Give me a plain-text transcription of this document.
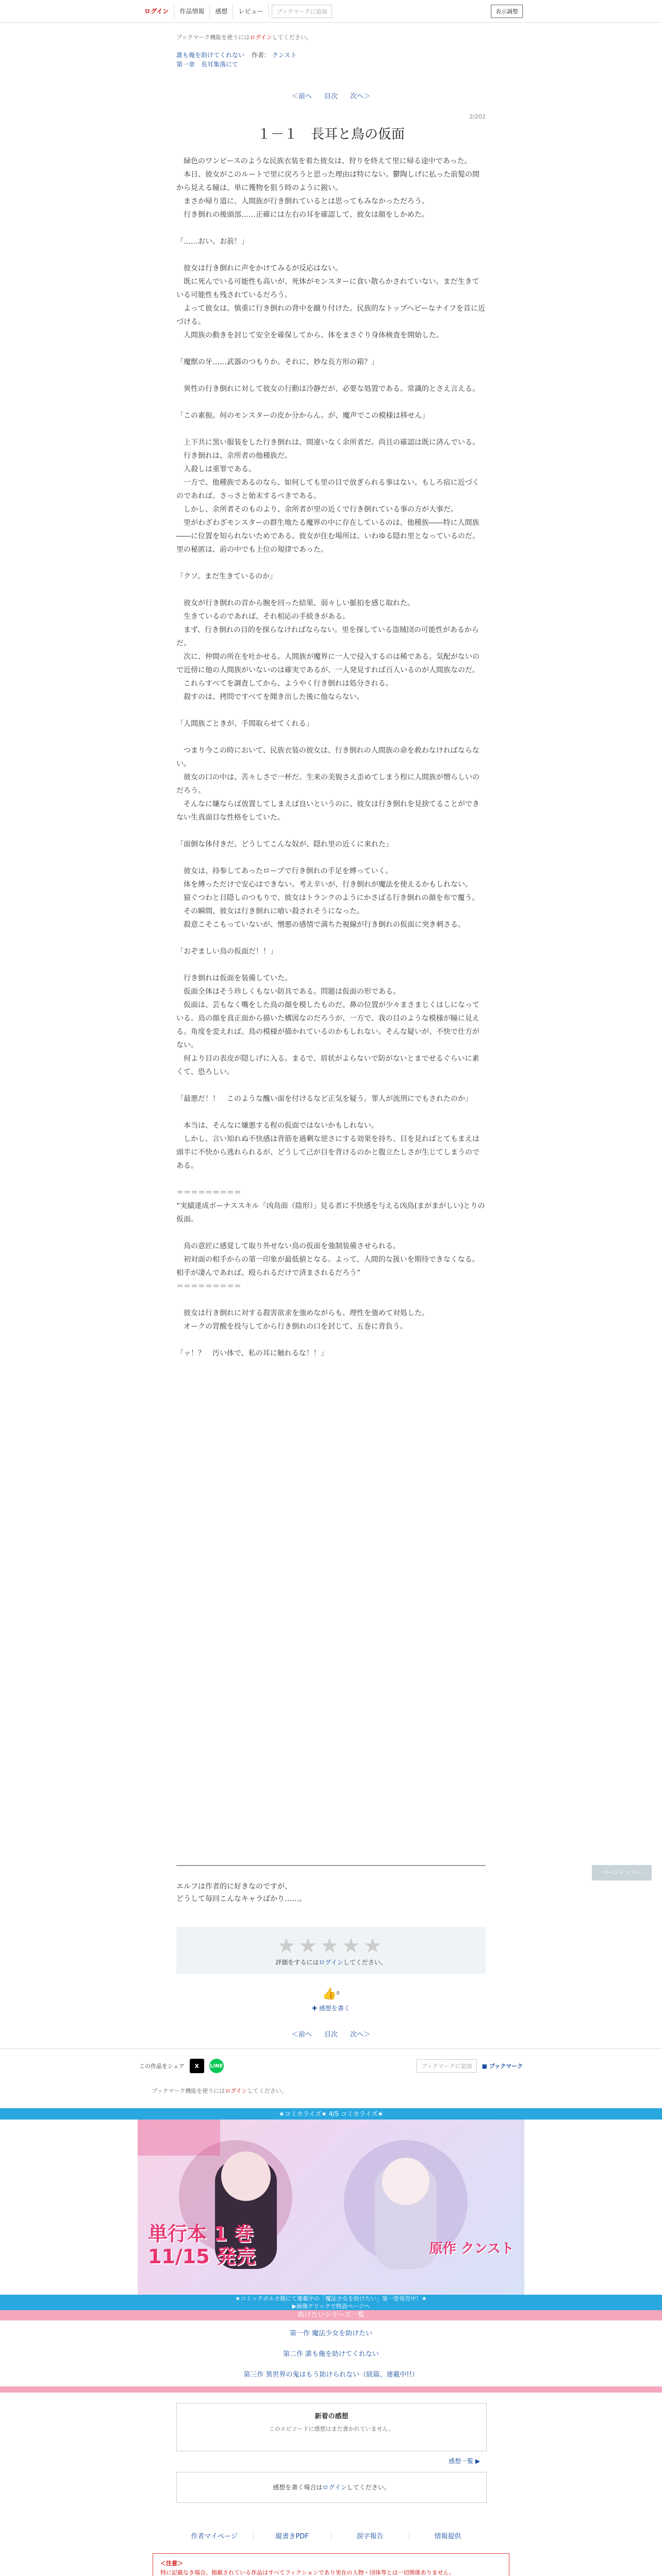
ログイン	作品情報	感想	レビュー	ブックマークに追加	表示調整
ブックマーク機能を使うにはログインしてください。
誰も俺を助けてくれない 作者： クンスト
第一章　長耳集落にて
＜前へ 目次 次へ＞
2/202
１－１　長耳と鳥の仮面

　緑色のワンピースのような民族衣装を着た彼女は、狩りを終えて里に帰る途中であった。
　本日、彼女がこのルートで里に戻ろうと思った理由は特にない。鬱陶しげに払った前髪の間から見える瞳は、単に獲物を狙う時のように鋭い。
　まさか帰り道に、人間族が行き倒れているとは思ってもみなかっただろう。
　行き倒れの後頭部……正確には左右の耳を確認して、彼女は顔をしかめた。

「……おい。お前！」

　彼女は行き倒れに声をかけてみるが反応はない。
　既に死んでいる可能性も高いが、死体がモンスターに食い散らかされていない。まだ生きている可能性も残されているだろう。
　よって彼女は、慎重に行き倒れの背中を蹴り付けた。民族的なトップヘビーなナイフを首に近づける。
　人間族の動きを封じて安全を確保してから、体をまさぐり身体検査を開始した。

「魔獣の牙……武器のつもりか。それに、妙な長方形の箱？」

　異性の行き倒れに対して彼女の行動は冷静だが、必要な処置である。常識的とさえ言える。

「この素振。何のモンスターの皮か分からん。が、魔声でこの模様は移せん」

　上下共に黒い服装をした行き倒れは、間違いなく余所者だ。尚且の確認は既に済んでいる。
　行き倒れは、余所者の他種族だ。
　人殺しは重罪である。
　一方で、他種族であるのなら、如何しても里の目で放ぎられる事はない。もしろ宿に近づくのであれば、さっさと始末するべきである。
　しかし、余所者そのものより、余所者が里の近くで行き倒れている事の方が大事だ。
　里がわざわざモンスターの群生地たる魔界の中に存在しているのは、他種族――特に人間族――に位置を知られないためである。彼女が住む場所は、いわゆる隠れ里となっているのだ。里の秘匿は、前の中でも上位の規律であった。

「クソ。まだ生きているのか」

　彼女が行き倒れの首から腕を回った結果、弱々しい脈拍を感じ取れた。
　生きているのであれば、それ相応の手続きがある。
　まず、行き倒れの目的を探らなければならない。里を探している盗賊団の可能性があるからだ。
　次に、仲間の所在を吐かせる。人間族が魔界に一人で侵入するのは稀である。気配がないので近傍に他の人間族がいないのは確実であるが、一人発見すれば百人いるのが人間族なのだ。
　これらすべてを調査してから、ようやく行き倒れは処分される。
　殺すのは、拷問ですべてを聞き出した後に他ならない。

「人間族ごときが、手間取らせてくれる」

　つまり今この時において、民族衣装の彼女は、行き倒れの人間族の命を救わなければならない。
　彼女の口の中は、苦々しさで一杯だ。生来の美貌さえ歪めてしまう程に人間族が憎らしいのだろう。
　そんなに嫌ならば放置してしまえば良いというのに、彼女は行き倒れを見捨てることができない生真面目な性格をしていた。

「面倒な体付きだ。どうしてこんな奴が、隠れ里の近くに来れた」

　彼女は、持参してあったロープで行き倒れの手足を縛っていく。
　体を縛っただけで安心はできない。考え辛いが、行き倒れが魔法を使えるかもしれない。
　猿ぐつわと目隠しのつもりで、彼女はトランクのようにかさばる行き倒れの顔を布で覆う。
　その瞬間、彼女は行き倒れに喰い殺されそうになった。
　殺意こそこもっていないが、憎悪の感情で満ちた視線が行き倒れの仮面に突き刺さる。

「おぞましい鳥の仮面だ！！」

　行き倒れは仮面を装備していた。
　仮面全体はそう珍しくもない防具である。問題は仮面の形である。
　仮面は、芸もなく嘴をした鳥の顔を模したものだ。鼻の位置が少々まさまじくはしになっている。鳥の顔を真正面から描いた構図なのだろうが、一方で、我の目のような模様が瞳に見える。角度を変えれば、鳥の模様が描かれているのかもしれない。そんな疑いが、不快で仕方がない。
　何より目の表皮が隠しげに入る。まるで、眉状がよらないで防がないとまでせるぐらいに素くて、恐ろしい。

「最悪だ！！　このような醜い面を付けるなど正気を疑う。罪人が流刑にでもされたのか」

　本当は、そんなに嫌悪する程の仮面ではないかもしれない。
　しかし、言い知れぬ不快感は背筋を過剰な逆さにする効果を持ち、目を見ればとてもまえは頭半に不快から逃れられるが、どうして己が目を背けるのかと腹立たしさが生じてしまうのである。

＝＝＝＝＝＝＝＝＝
“実績達成ボーナススキル「凶鳥面（陰形）」見る者に不快感を与える凶鳥(まがまがしい)とりの仮面。

　鳥の意匠に感覚して取り外せない鳥の仮面を強制装備させられる。
　初対面の相手からの第一印象が最低値となる。よって、人間的な扱いを期待できなくなる。相手が凄んであれば、殴られるだけで済まされるだろう”
＝＝＝＝＝＝＝＝＝

　彼女は行き倒れに対する殺害欲求を強めながらも、理性を強めて対処した。
　オークの胃酸を投与してから行き倒れの口を封じて、五巻に背負う。

「ッ！？　汚い体で、私の耳に触れるな！！」

エルフは作者的に好きなのですが、

どうして毎回こんなキャラばかり……。

ページトップへ
★★★★★
評価をするにはログインしてください。
👍$^8$
✚ 感想を書く
＜前へ 目次 次へ＞
この作品をシェア	X	LINE	ブックマークに追加	■ ブックマーク
ブックマーク機能を使うにはログインしてください。
★コミカライズ★ 4/5 コミカライズ★
単行本 1 巻
11/15 発売	原作 クンスト
★コミックポルカ様にて連載中の「魔法少女を助けたい」第一巻発売中！★
▶画像クリックで特設ページへ
助けたいシリーズ一覧
第一作 魔法少女を助けたい
第二作 誰も俺を助けてくれない
第三作 異世界の鬼はもう助けられない（続篇、連載中!!）
新着の感想
このエピソードに感想はまだ書かれていません。
感想一覧 ▶
感想を書く場合はログインしてください。
作者マイページ	縦書きPDF	誤字報告	情報提供
＜注意＞
特に記載なき場合、掲載されている作品はすべてフィクションであり実在の人物・団体等とは一切関係ありません。
